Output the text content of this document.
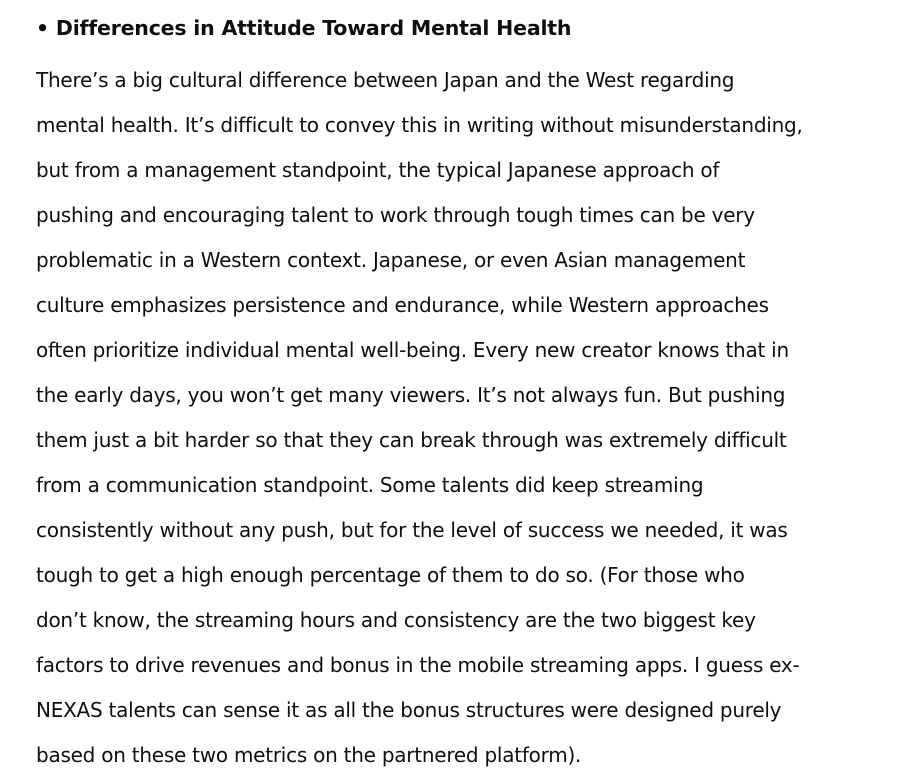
• Differences in Attitude Toward Mental Health

There’s a big cultural difference between Japan and the West regarding
mental health. It’s difficult to convey this in writing without misunderstanding,
but from a management standpoint, the typical Japanese approach of
pushing and encouraging talent to work through tough times can be very
problematic in a Western context. Japanese, or even Asian management
culture emphasizes persistence and endurance, while Western approaches
often prioritize individual mental well-being. Every new creator knows that in
the early days, you won’t get many viewers. It’s not always fun. But pushing
them just a bit harder so that they can break through was extremely difficult
from a communication standpoint. Some talents did keep streaming
consistently without any push, but for the level of success we needed, it was
tough to get a high enough percentage of them to do so. (For those who
don’t know, the streaming hours and consistency are the two biggest key
factors to drive revenues and bonus in the mobile streaming apps. I guess ex-
NEXAS talents can sense it as all the bonus structures were designed purely
based on these two metrics on the partnered platform).
